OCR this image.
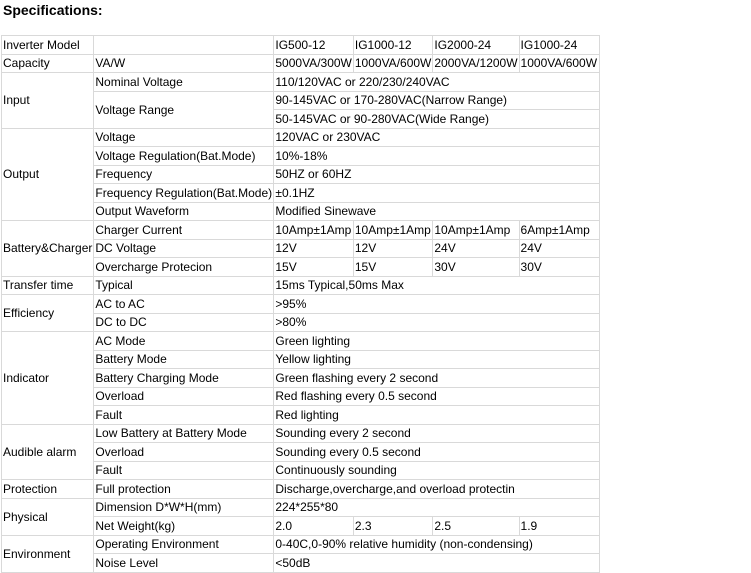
Specifications:
Inverter Model		IG500-12	IG1000-12	IG2000-24	IG1000-24
Capacity	VA/W	5000VA/300W	1000VA/600W	2000VA/1200W	1000VA/600W
Input	Nominal Voltage	110/120VAC or 220/230/240VAC			
	Voltage Range	90-145VAC or 170-280VAC(Narrow Range)			
		50-145VAC or 90-280VAC(Wide Range)			
Output	Voltage	120VAC or 230VAC			
	Voltage Regulation(Bat.Mode)	10%-18%			
	Frequency	50HZ or 60HZ			
	Frequency Regulation(Bat.Mode)	±0.1HZ			
	Output Waveform	Modified Sinewave			
Battery&Charger	Charger Current	10Amp±1Amp	10Amp±1Amp	10Amp±1Amp	6Amp±1Amp
	DC Voltage	12V	12V	24V	24V
	Overcharge Protecion	15V	15V	30V	30V
Transfer time	Typical	15ms Typical,50ms Max			
Efficiency	AC to AC	>95%			
	DC to DC	>80%			
Indicator	AC Mode	Green lighting			
	Battery Mode	Yellow lighting			
	Battery Charging Mode	Green flashing every 2 second			
	Overload	Red flashing every 0.5 second			
	Fault	Red lighting			
Audible alarm	Low Battery at Battery Mode	Sounding every 2 second			
	Overload	Sounding every 0.5 second			
	Fault	Continuously sounding			
Protection	Full protection	Discharge,overcharge,and overload protectin			
Physical	Dimension D*W*H(mm)	224*255*80			
	Net Weight(kg)	2.0	2.3	2.5	1.9
Environment	Operating Environment	0-40C,0-90% relative humidity (non-condensing)			
	Noise Level	<50dB			
